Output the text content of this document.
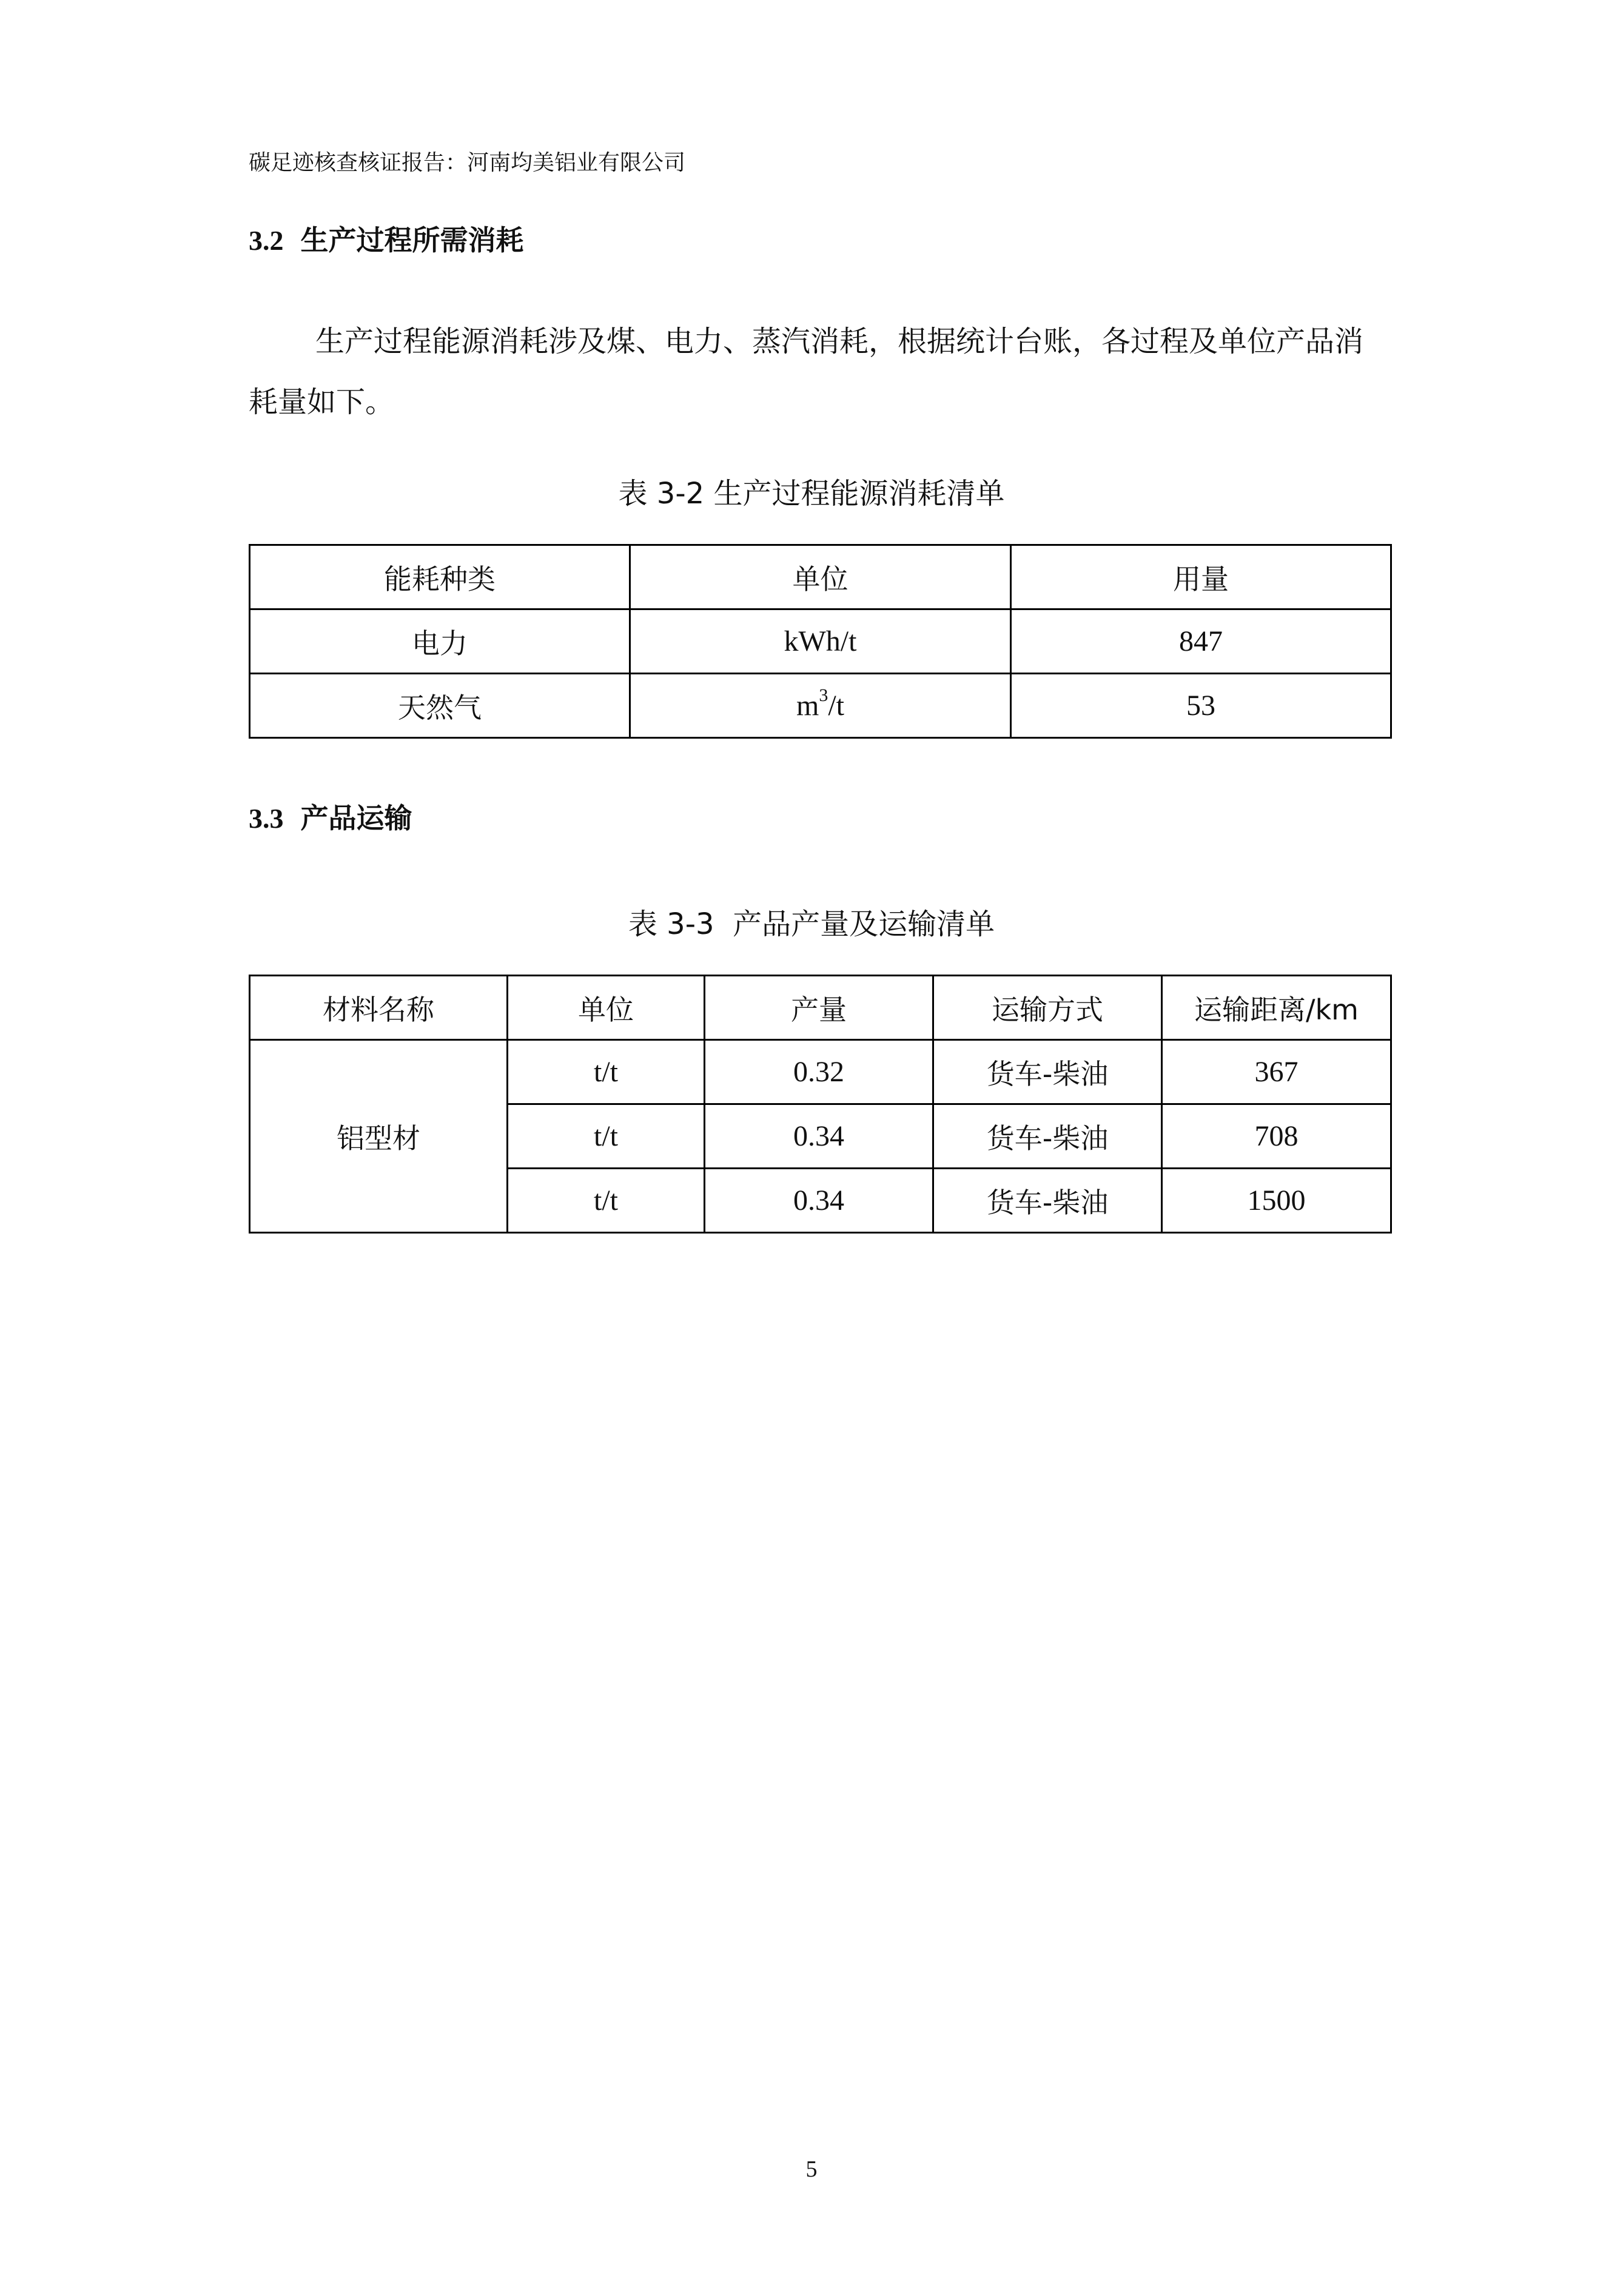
碳足迹核查核证报告：河南均美铝业有限公司
3.2 生产过程所需消耗
生产过程能源消耗涉及煤、电力、蒸汽消耗，根据统计台账，各过程及单位产品消耗量如下。
表 3-2 生产过程能源消耗清单
能耗种类	单位	用量
电力	kWh/t	847
天然气	$m^3/t$	53
3.3 产品运输
表 3-3  产品产量及运输清单
材料名称	单位	产量	运输方式	运输距离/km
铝型材	t/t	0.32	货车-柴油	367
	t/t	0.34	货车-柴油	708
	t/t	0.34	货车-柴油	1500
5
